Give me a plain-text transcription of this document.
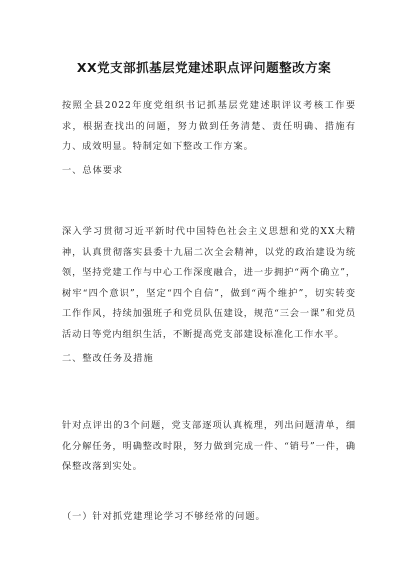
XX党支部抓基层党建述职点评问题整改方案

按照全县2022年度党组织书记抓基层党建述职评议考核工作要求，根据查找出的问题，努力做到任务清楚、责任明确、措施有力、成效明显。特制定如下整改工作方案。

一、总体要求

深入学习贯彻习近平新时代中国特色社会主义思想和党的XX大精神，认真贯彻落实县委十九届二次全会精神，以党的政治建设为统领，坚持党建工作与中心工作深度融合，进一步拥护“两个确立”，树牢“四个意识”，坚定“四个自信”，做到“两个维护”，切实转变工作作风，持续加强班子和党员队伍建设，规范“三会一课”和党员活动日等党内组织生活，不断提高党支部建设标准化工作水平。

二、整改任务及措施

针对点评出的3个问题，党支部逐项认真梳理，列出问题清单，细化分解任务，明确整改时限，努力做到完成一件、“销号”一件，确保整改落到实处。

（一）针对抓党建理论学习不够经常的问题。
